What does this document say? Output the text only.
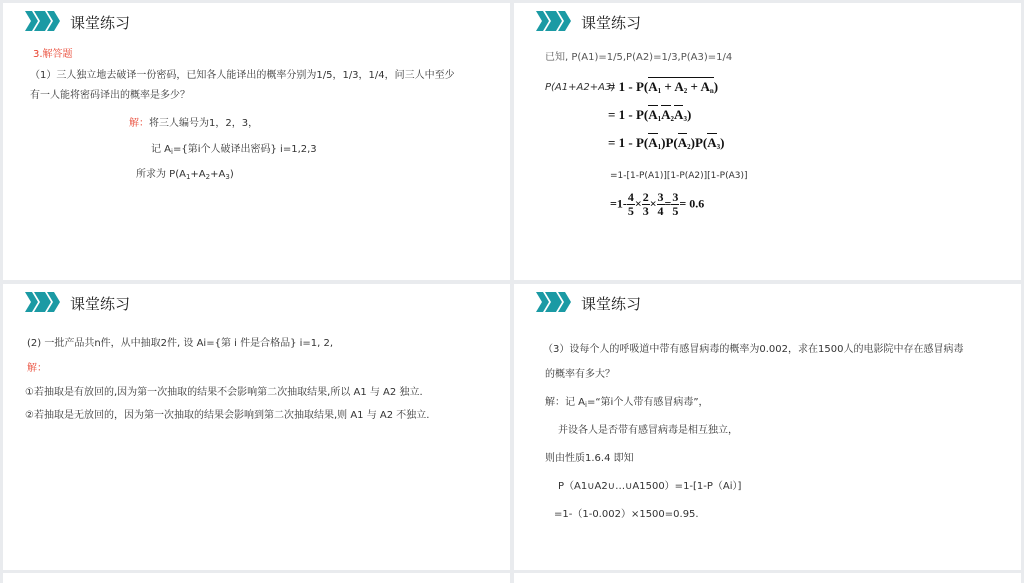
课堂练习
3.解答题
（1）三人独立地去破译一份密码，已知各人能译出的概率分别为1/5，1/3，1/4，问三人中至少
有一人能将密码译出的概率是多少？
解：将三人编号为1，2，3，
记 $A_i=${第i个人破译出密码} i=1,2,3
所求为 $P(A_1+A_2+A_3)$
课堂练习
已知, P(A1)=1/5,P(A2)=1/3,P(A3)=1/4
P(A1+A2+A3)
= $1 - P(A_1 + A_2 + A_n)$
= $1 - P(A_1A_2A_3)$
= $1 - P(A_1)P(A_2)P(A_3)$
=1-[1-P(A1)][1-P(A2)][1-P(A3)]
$=1- \frac{4}{5} \times \frac{2}{3} \times \frac{3}{4} = \frac{3}{5} = 0.6$
课堂练习
(2) 一批产品共n件，从中抽取2件, 设 Ai={第 i 件是合格品} i=1, 2,
解：
①若抽取是有放回的,因为第一次抽取的结果不会影响第二次抽取结果,所以 A1 与 A2 独立.
②若抽取是无放回的，因为第一次抽取的结果会影响到第二次抽取结果,则 A1 与 A2 不独立.
课堂练习
（3）设每个人的呼吸道中带有感冒病毒的概率为0.002，求在1500人的电影院中存在感冒病毒
的概率有多大？
解：记 $A_i=“$第i个人带有感冒病毒”，
并设各人是否带有感冒病毒是相互独立，
则由性质1.6.4 即知
P（A1∪A2∪…∪A1500）=1-[1-P（Ai）]
=1-（1-0.002）×1500=0.95.
